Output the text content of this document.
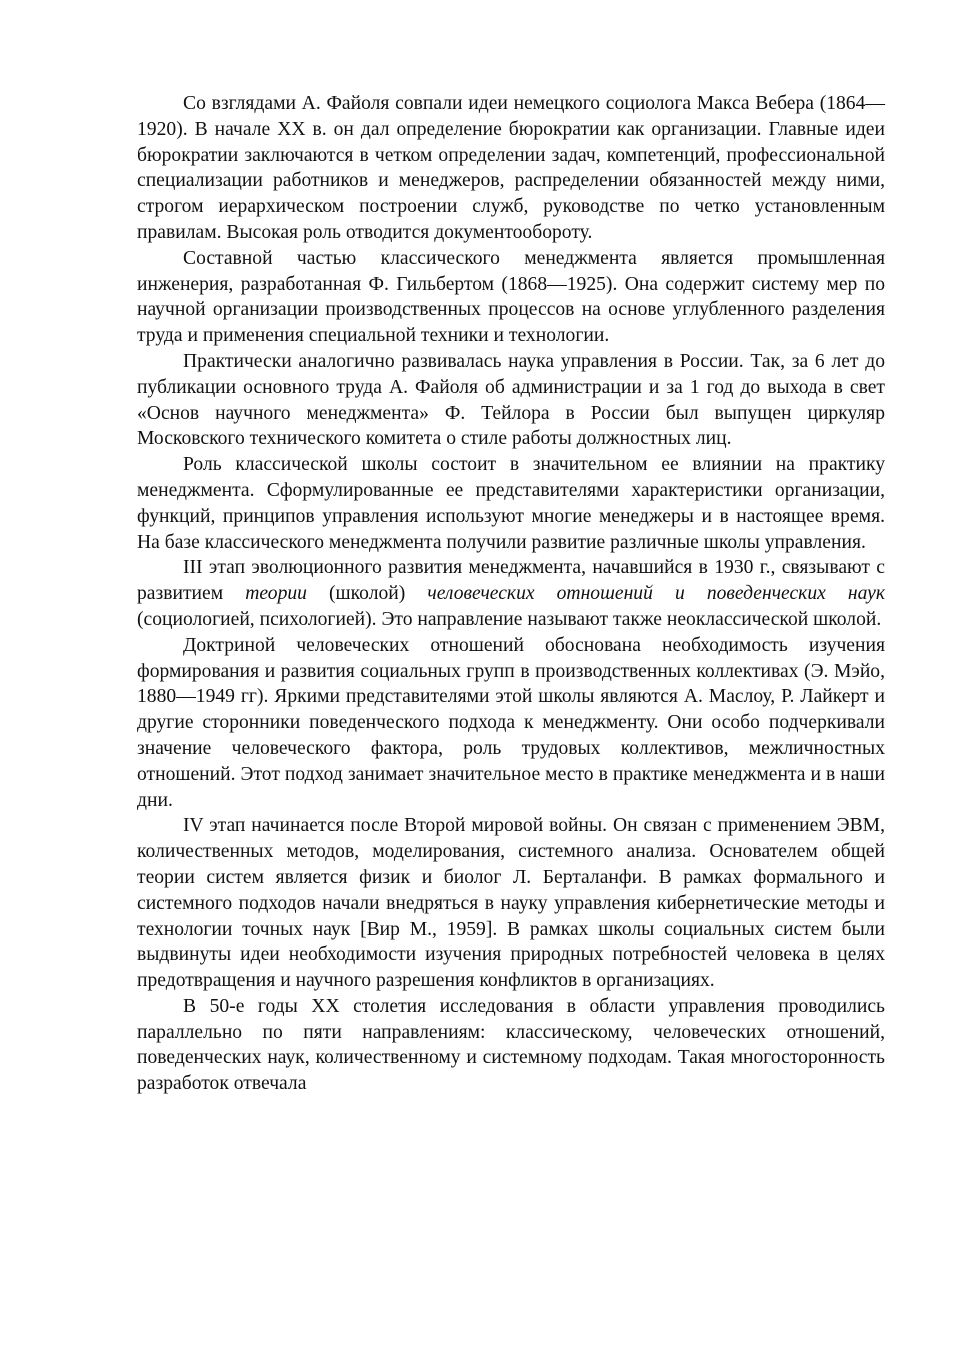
Со взглядами А. Файоля совпали идеи немецкого социолога Макса Вебера (1864—1920). В начале XX в. он дал определение бюрократии как организации. Главные идеи бюрократии заключаются в четком определении задач, компетенций, профессиональной специализации работников и менеджеров, распределении обязанностей между ними, строгом иерархическом построении служб, руководстве по четко установленным правилам. Высокая роль отводится документообороту.

Составной частью классического менеджмента является промышленная инженерия, разработанная Ф. Гильбертом (1868—1925). Она содержит систему мер по научной организации производственных процессов на основе углубленного разделения труда и применения специальной техники и технологии.

Практически аналогично развивалась наука управления в России. Так, за 6 лет до публикации основного труда А. Файоля об администрации и за 1 год до выхода в свет «Основ научного менеджмента» Ф. Тейлора в России был выпущен циркуляр Московского технического комитета о стиле работы должностных лиц.

Роль классической школы состоит в значительном ее влиянии на практику менеджмента. Сформулированные ее представителями характеристики организации, функций, принципов управления используют многие менеджеры и в настоящее время. На базе классического менеджмента получили развитие различные школы управления.

III этап эволюционного развития менеджмента, начавшийся в 1930 г., связывают с развитием теории (школой) человеческих отношений и поведенческих наук (социологией, психологией). Это направление называют также неоклассической школой.

Доктриной человеческих отношений обоснована необходимость изучения формирования и развития социальных групп в производственных коллективах (Э. Мэйо, 1880—1949 гг). Яркими представителями этой школы являются А. Маслоу, Р. Лайкерт и другие сторонники поведенческого подхода к менеджменту. Они особо подчеркивали значение человеческого фактора, роль трудовых коллективов, межличностных отношений. Этот подход занимает значительное место в практике менеджмента и в наши дни.

IV этап начинается после Второй мировой войны. Он связан с применением ЭВМ, количественных методов, моделирования, системного анализа. Основателем общей теории систем является физик и биолог Л. Берталанфи. В рамках формального и системного подходов начали внедряться в науку управления кибернетические методы и технологии точных наук [Вир М., 1959]. В рамках школы социальных систем были выдвинуты идеи необходимости изучения природных потребностей человека в целях предотвращения и научного разрешения конфликтов в организациях.

В 50-е годы XX столетия исследования в области управления проводились параллельно по пяти направлениям: классическому, человеческих отношений, поведенческих наук, количественному и системному подходам. Такая многосторонность разработок отвечала
